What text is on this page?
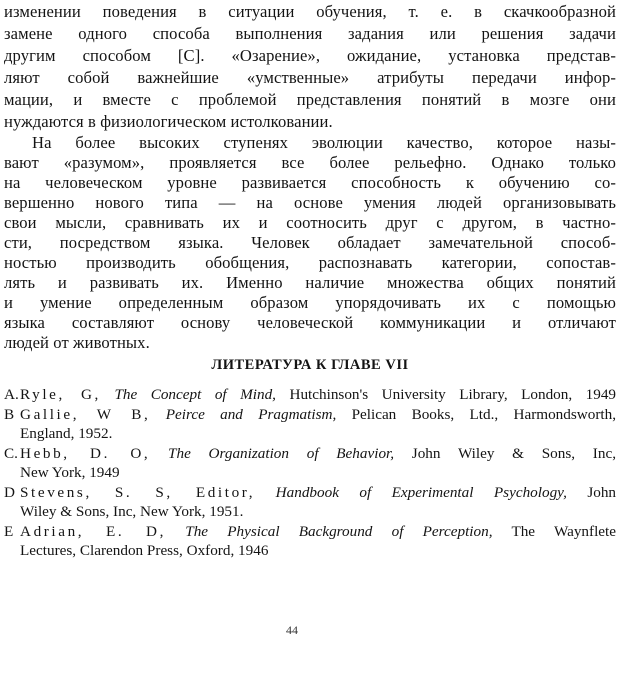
изменении поведения в ситуации обучения, т. е. в скачкообразной
замене одного способа выполнения задания или решения задачи
другим способом [С]. «Озарение», ожидание, установка представ-
ляют собой важнейшие «умственные» атрибуты передачи инфор-
мации, и вместе с проблемой представления понятий в мозге они
нуждаются в физиологическом истолковании.
На более высоких ступенях эволюции качество, которое назы-
вают «разумом», проявляется все более рельефно. Однако только
на человеческом уровне развивается способность к обучению со-
вершенно нового типа — на основе умения людей организовывать
свои мысли, сравнивать их и соотносить друг с другом, в частно-
сти, посредством языка. Человек обладает замечательной способ-
ностью производить обобщения, распознавать категории, сопостав-
лять и развивать их. Именно наличие множества общих понятий
и умение определенным образом упорядочивать их с помощью
языка составляют основу человеческой коммуникации и отличают
людей от животных.
ЛИТЕРАТУРА К ГЛАВЕ VII
A.Ryle, G, The Concept of Mind, Hutchinson's University Library, London, 1949
B Gallie, W B, Peirce and Pragmatism, Pelican Books, Ltd., Harmondsworth,
England, 1952.
C. Hebb, D. O, The Organization of Behavior, John Wiley & Sons, Inc,
New York, 1949
D Stevens, S. S, Editor, Handbook of Experimental Psychology, John
Wiley & Sons, Inc, New York, 1951.
E Adrian, E. D, The Physical Background of Perception, The Waynflete
Lectures, Clarendon Press, Oxford, 1946
44
